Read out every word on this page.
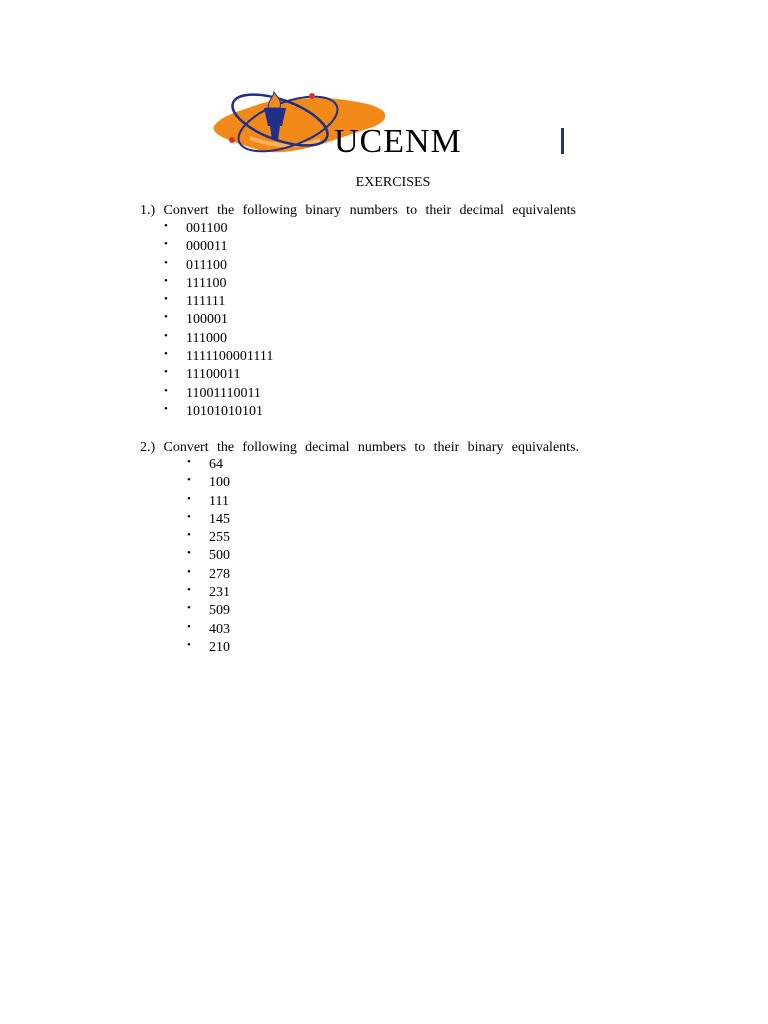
UCENM
EXERCISES
1.) Convert the following binary numbers to their decimal equivalents
• 001100
• 000011
• 011100
• 111100
• 111111
• 100001
• 111000
• 1111100001111
• 11100011
• 11001110011
• 10101010101
2.) Convert the following decimal numbers to their binary equivalents.
• 64
• 100
• 111
• 145
• 255
• 500
• 278
• 231
• 509
• 403
• 210
